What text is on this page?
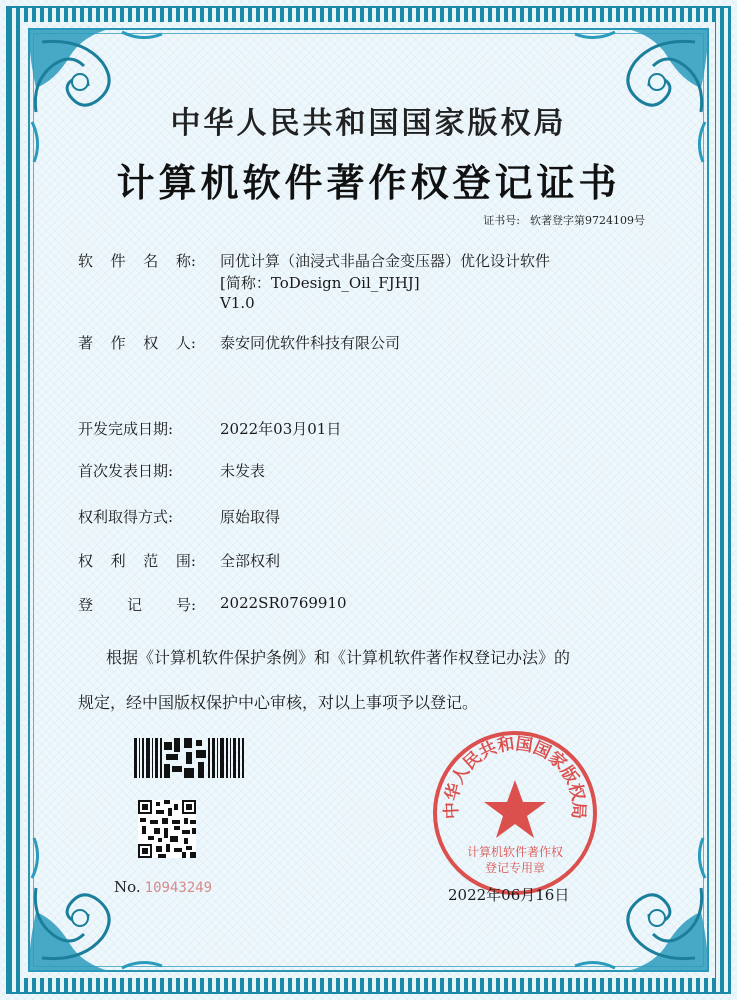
中华人民共和国国家版权局
计算机软件著作权登记证书
证书号: 软著登字第9724109号
软 件 名 称: 同优计算（油浸式非晶合金变压器）优化设计软件
[简称：ToDesign_Oil_FJHJ]
V1.0
著 作 权 人: 泰安同优软件科技有限公司
开发完成日期:	2022年03月01日
首次发表日期:	未发表
权利取得方式:	原始取得
权 利 范 围: 全部权利
登 记 号: 2022SR0769910
根据《计算机软件保护条例》和《计算机软件著作权登记办法》的
规定，经中国版权保护中心审核，对以上事项予以登记。
No. 10943249
中华人民共和国国家版权局
计算机软件著作权
登记专用章
2022年06月16日
